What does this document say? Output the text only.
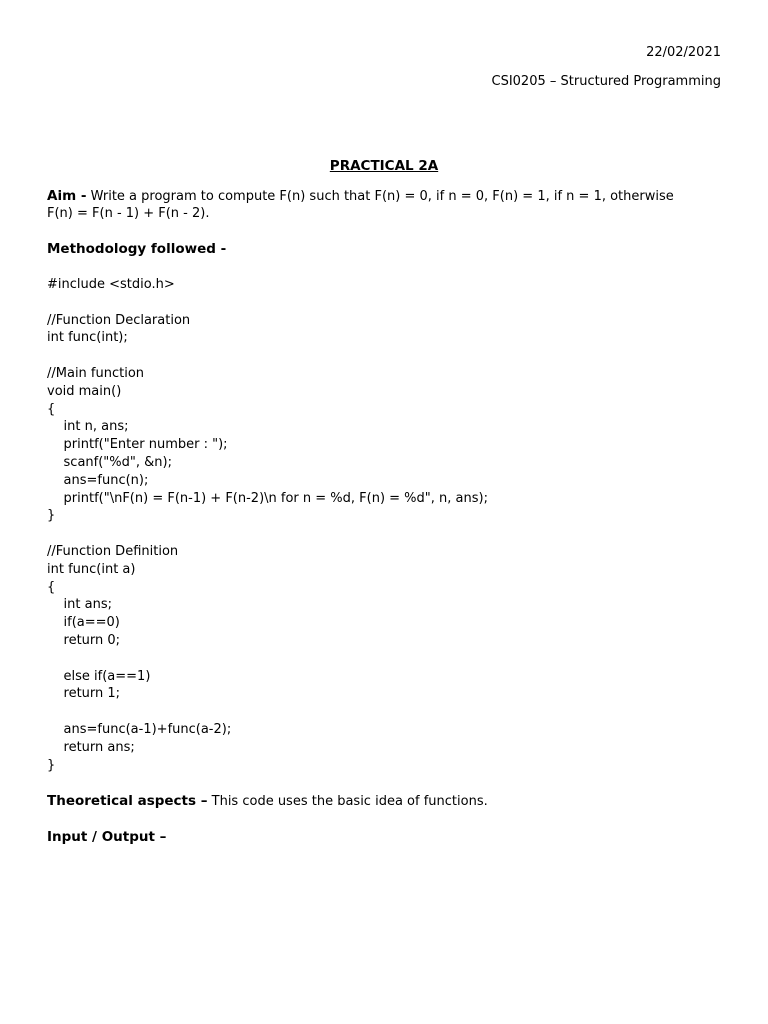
22/02/2021
CSI0205 – Structured Programming
PRACTICAL 2A
Aim - Write a program to compute F(n) such that F(n) = 0, if n = 0, F(n) = 1, if n = 1, otherwise
F(n) = F(n - 1) + F(n - 2).
Methodology followed -
#include <stdio.h>
//Function Declaration
int func(int);
//Main function
void main()
{
int n, ans;
printf("Enter number : ");
scanf("%d", &n);
ans=func(n);
printf("\nF(n) = F(n-1) + F(n-2)\n for n = %d, F(n) = %d", n, ans);
}
//Function Definition
int func(int a)
{
int ans;
if(a==0)
return 0;
else if(a==1)
return 1;
ans=func(a-1)+func(a-2);
return ans;
}
Theoretical aspects – This code uses the basic idea of functions.
Input / Output –
